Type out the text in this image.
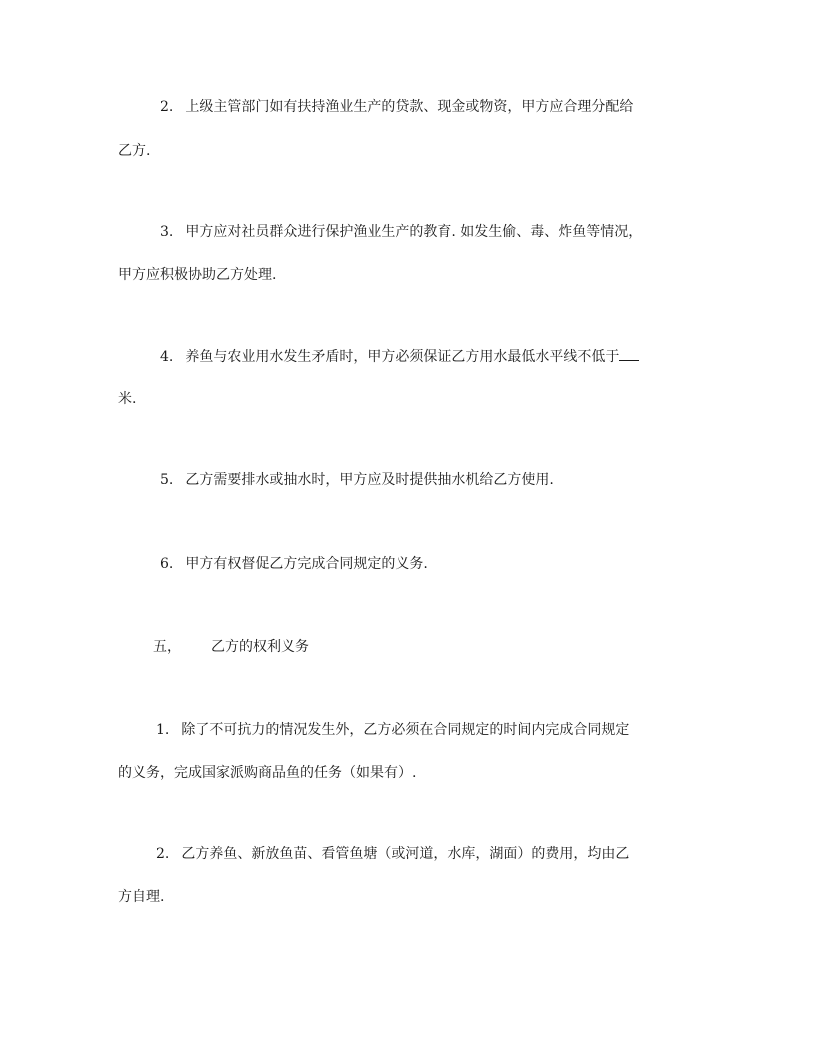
2. 上级主管部门如有扶持渔业生产的贷款、现金或物资，甲方应合理分配给
乙方.
3. 甲方应对社员群众进行保护渔业生产的教育. 如发生偷、毒、炸鱼等情况，
甲方应积极协助乙方处理.
4. 养鱼与农业用水发生矛盾时，甲方必须保证乙方用水最低水平线不低于
米.
5. 乙方需要排水或抽水时，甲方应及时提供抽水机给乙方使用.
6. 甲方有权督促乙方完成合同规定的义务.
五， 乙方的权利义务
1. 除了不可抗力的情况发生外，乙方必须在合同规定的时间内完成合同规定
的义务，完成国家派购商品鱼的任务（如果有）.
2. 乙方养鱼、新放鱼苗、看管鱼塘（或河道，水库，湖面）的费用，均由乙
方自理.
